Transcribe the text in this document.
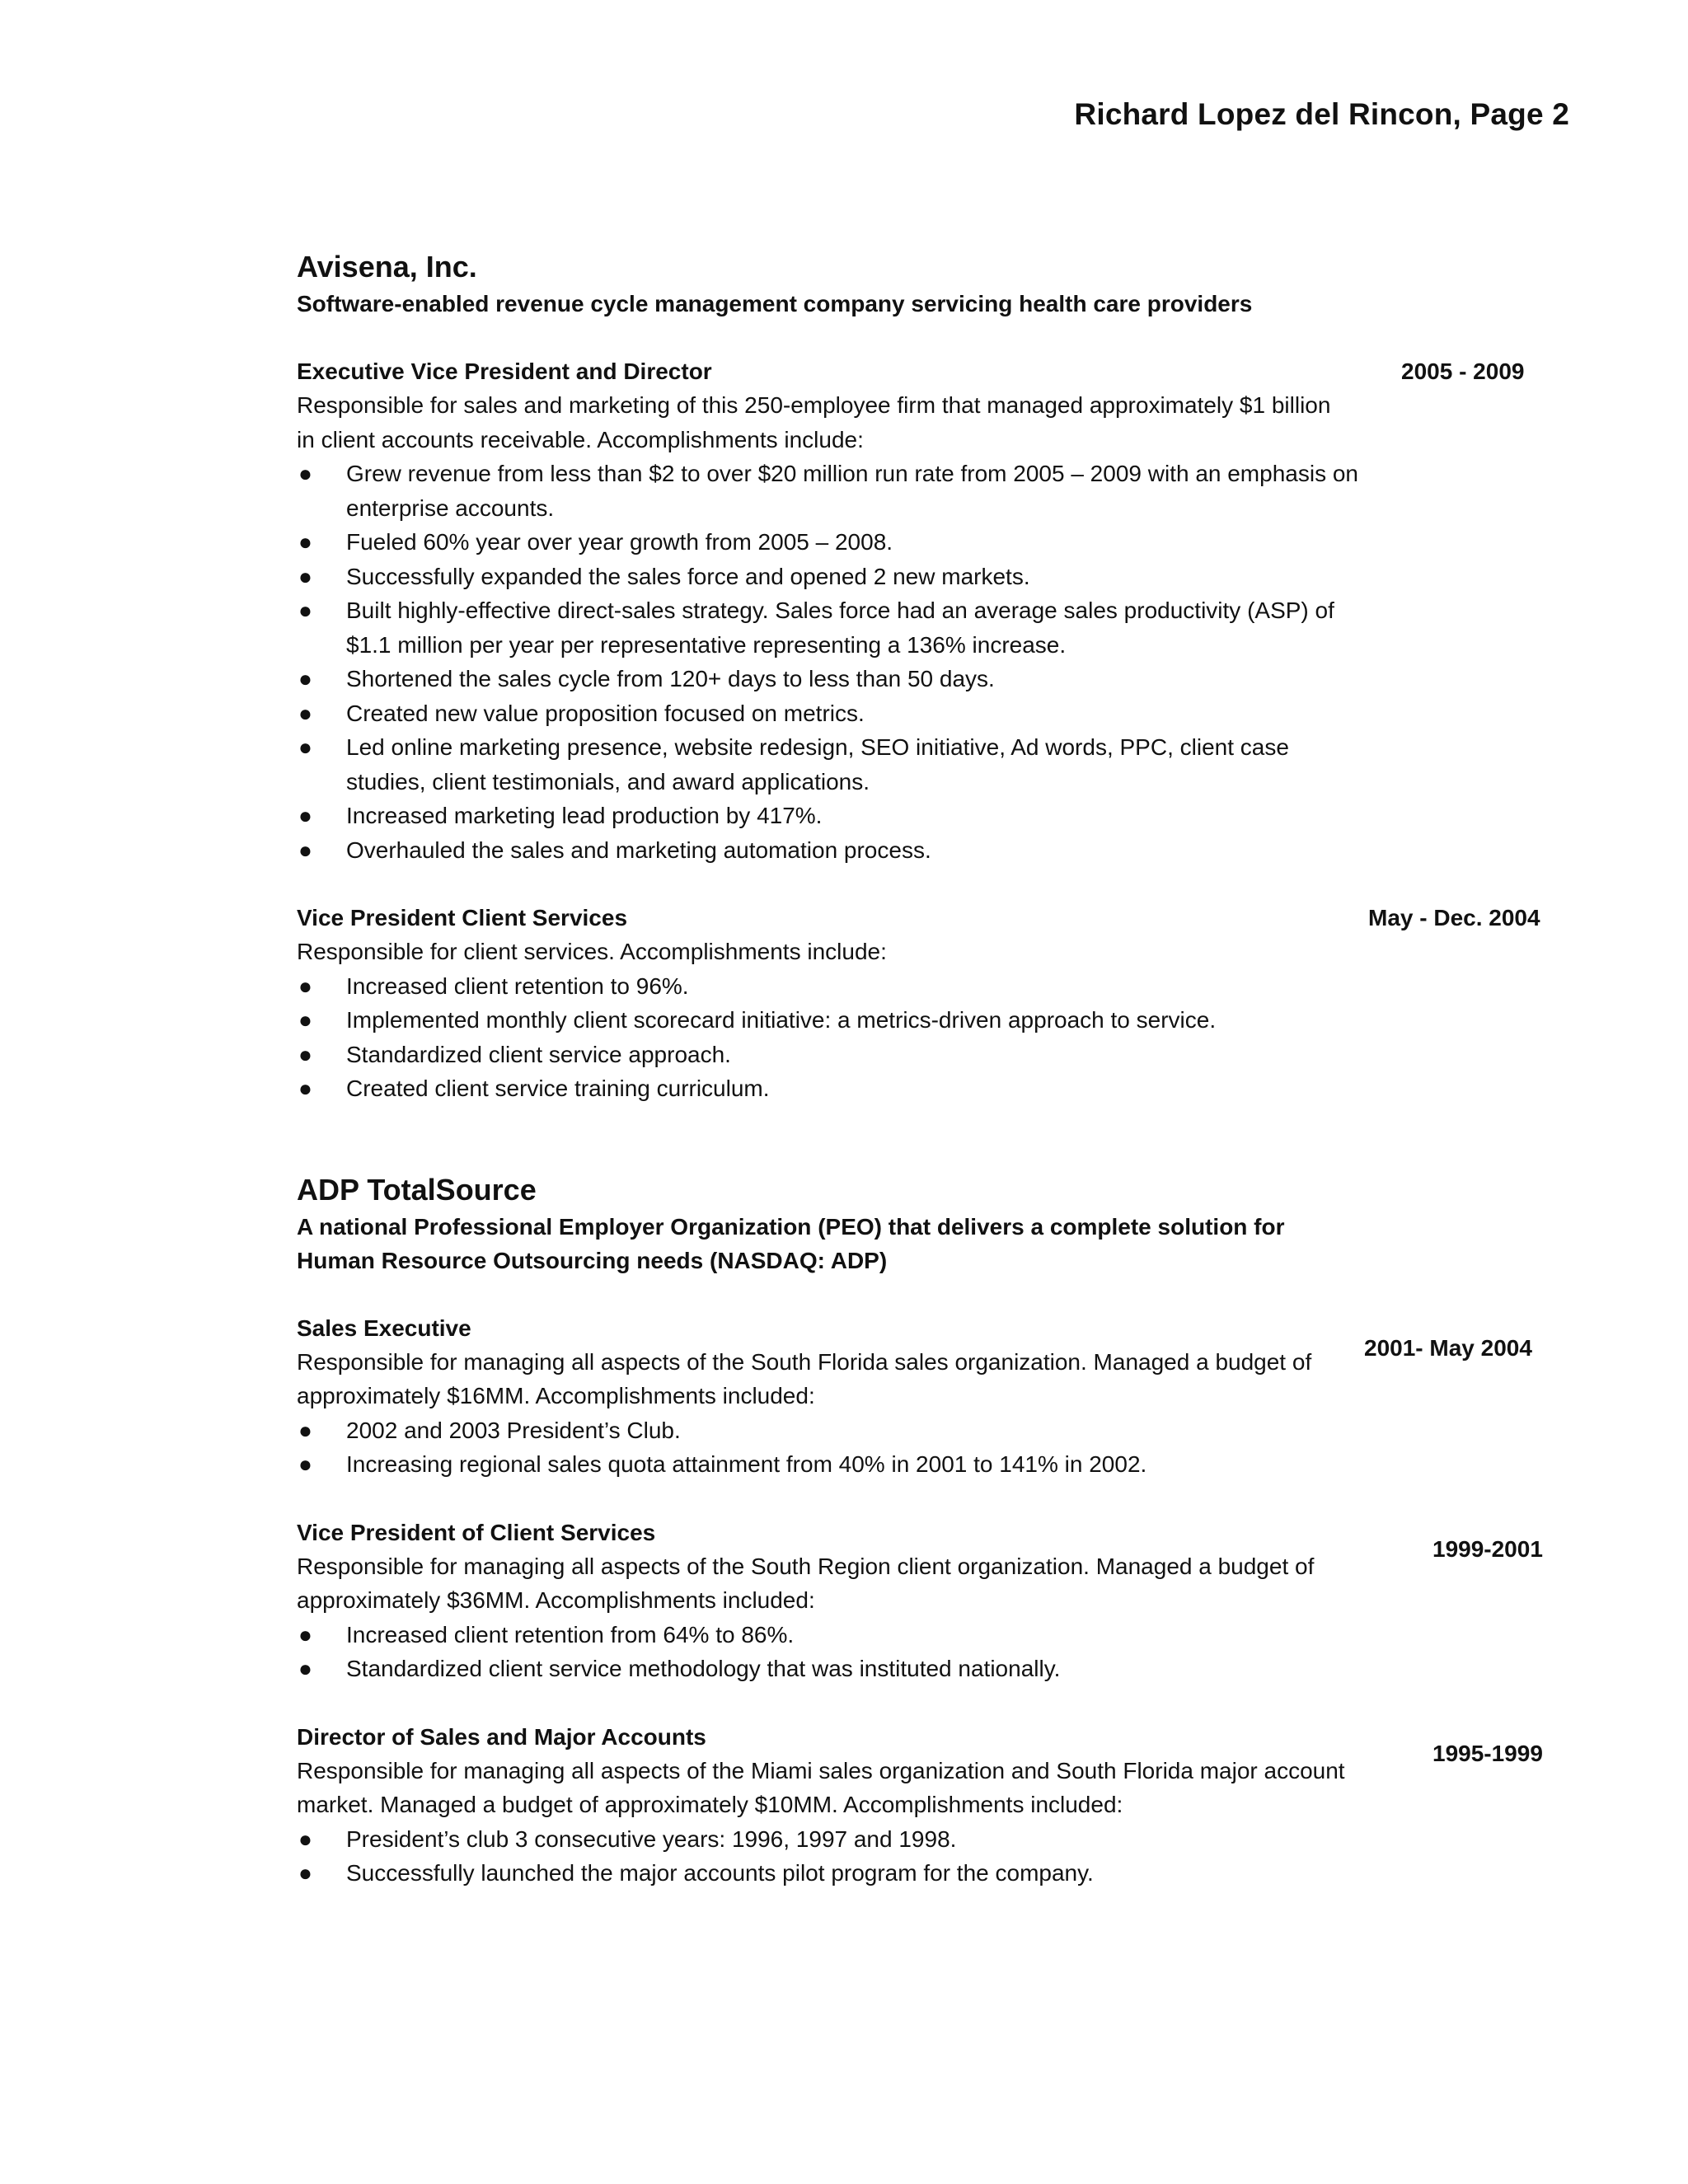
Richard Lopez del Rincon, Page 2
Avisena, Inc.
Software-enabled revenue cycle management company servicing health care providers
Executive Vice President and Director	2005 - 2009
Responsible for sales and marketing of this 250-employee firm that managed approximately $1 billion in client accounts receivable. Accomplishments include:
● Grew revenue from less than $2 to over $20 million run rate from 2005 – 2009 with an emphasis on enterprise accounts.
● Fueled 60% year over year growth from 2005 – 2008.
● Successfully expanded the sales force and opened 2 new markets.
● Built highly-effective direct-sales strategy. Sales force had an average sales productivity (ASP) of $1.1 million per year per representative representing a 136% increase.
● Shortened the sales cycle from 120+ days to less than 50 days.
● Created new value proposition focused on metrics.
● Led online marketing presence, website redesign, SEO initiative, Ad words, PPC, client case studies, client testimonials, and award applications.
● Increased marketing lead production by 417%.
● Overhauled the sales and marketing automation process.
Vice President Client Services	May - Dec. 2004
Responsible for client services. Accomplishments include:
● Increased client retention to 96%.
● Implemented monthly client scorecard initiative: a metrics-driven approach to service.
● Standardized client service approach.
● Created client service training curriculum.
ADP TotalSource
A national Professional Employer Organization (PEO) that delivers a complete solution for Human Resource Outsourcing needs (NASDAQ: ADP)
Sales Executive
2001- May 2004
Responsible for managing all aspects of the South Florida sales organization. Managed a budget of approximately $16MM. Accomplishments included:
● 2002 and 2003 President’s Club.
● Increasing regional sales quota attainment from 40% in 2001 to 141% in 2002.
Vice President of Client Services
1999-2001
Responsible for managing all aspects of the South Region client organization. Managed a budget of approximately $36MM. Accomplishments included:
● Increased client retention from 64% to 86%.
● Standardized client service methodology that was instituted nationally.
Director of Sales and Major Accounts
1995-1999
Responsible for managing all aspects of the Miami sales organization and South Florida major account market. Managed a budget of approximately $10MM. Accomplishments included:
● President’s club 3 consecutive years: 1996, 1997 and 1998.
● Successfully launched the major accounts pilot program for the company.
